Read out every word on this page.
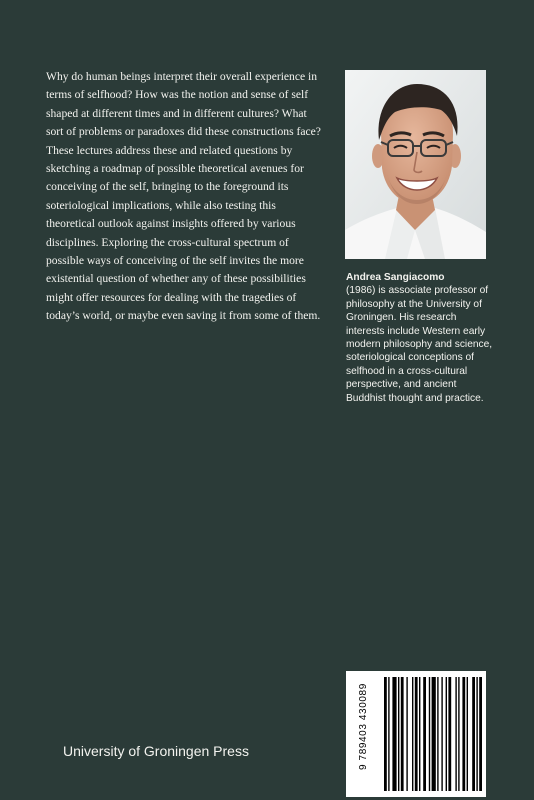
Why do human beings interpret their overall experience in terms of selfhood? How was the notion and sense of self shaped at different times and in different cultures? What sort of problems or paradoxes did these constructions face? These lectures address these and related questions by sketching a roadmap of possible theoretical avenues for conceiving of the self, bringing to the foreground its soteriological implications, while also testing this theoretical outlook against insights offered by various disciplines. Exploring the cross-cultural spectrum of possible ways of conceiving of the self invites the more existential question of whether any of these possibilities might offer resources for dealing with the tragedies of today’s world, or maybe even saving it from some of them.

Andrea Sangiacomo
(1986) is associate professor of philosophy at the University of Groningen. His research interests include Western early modern philosophy and science, soteriological conceptions of selfhood in a cross-cultural perspective, and ancient Buddhist thought and practice.

University of Groningen Press
